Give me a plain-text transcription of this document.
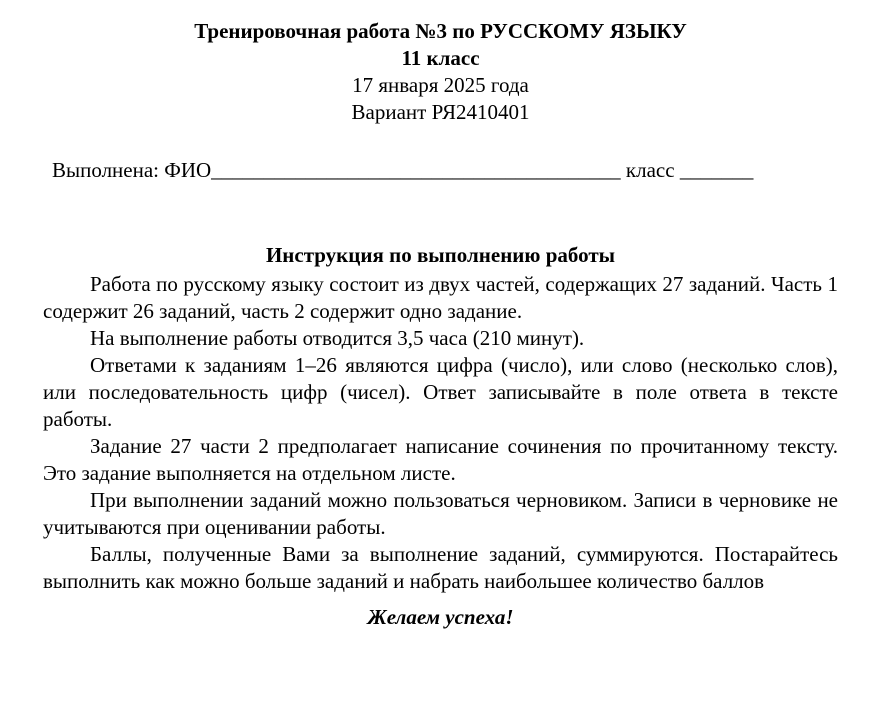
Тренировочная работа №3 по РУССКОМУ ЯЗЫКУ
11 класс
17 января 2025 года
Вариант РЯ2410401
Выполнена: ФИО_______________________________________ класс _______
Инструкция по выполнению работы

Работа по русскому языку состоит из двух частей, содержащих 27 заданий. Часть 1 содержит 26 заданий, часть 2 содержит одно задание.

На выполнение работы отводится 3,5 часа (210 минут).

Ответами к заданиям 1–26 являются цифра (число), или слово (несколько слов), или последовательность цифр (чисел). Ответ записывайте в поле ответа в тексте работы.

Задание 27 части 2 предполагает написание сочинения по прочитанному тексту. Это задание выполняется на отдельном листе.

При выполнении заданий можно пользоваться черновиком. Записи в черновике не учитываются при оценивании работы.

Баллы, полученные Вами за выполнение заданий, суммируются. Постарайтесь выполнить как можно больше заданий и набрать наибольшее количество баллов

Желаем успеха!
